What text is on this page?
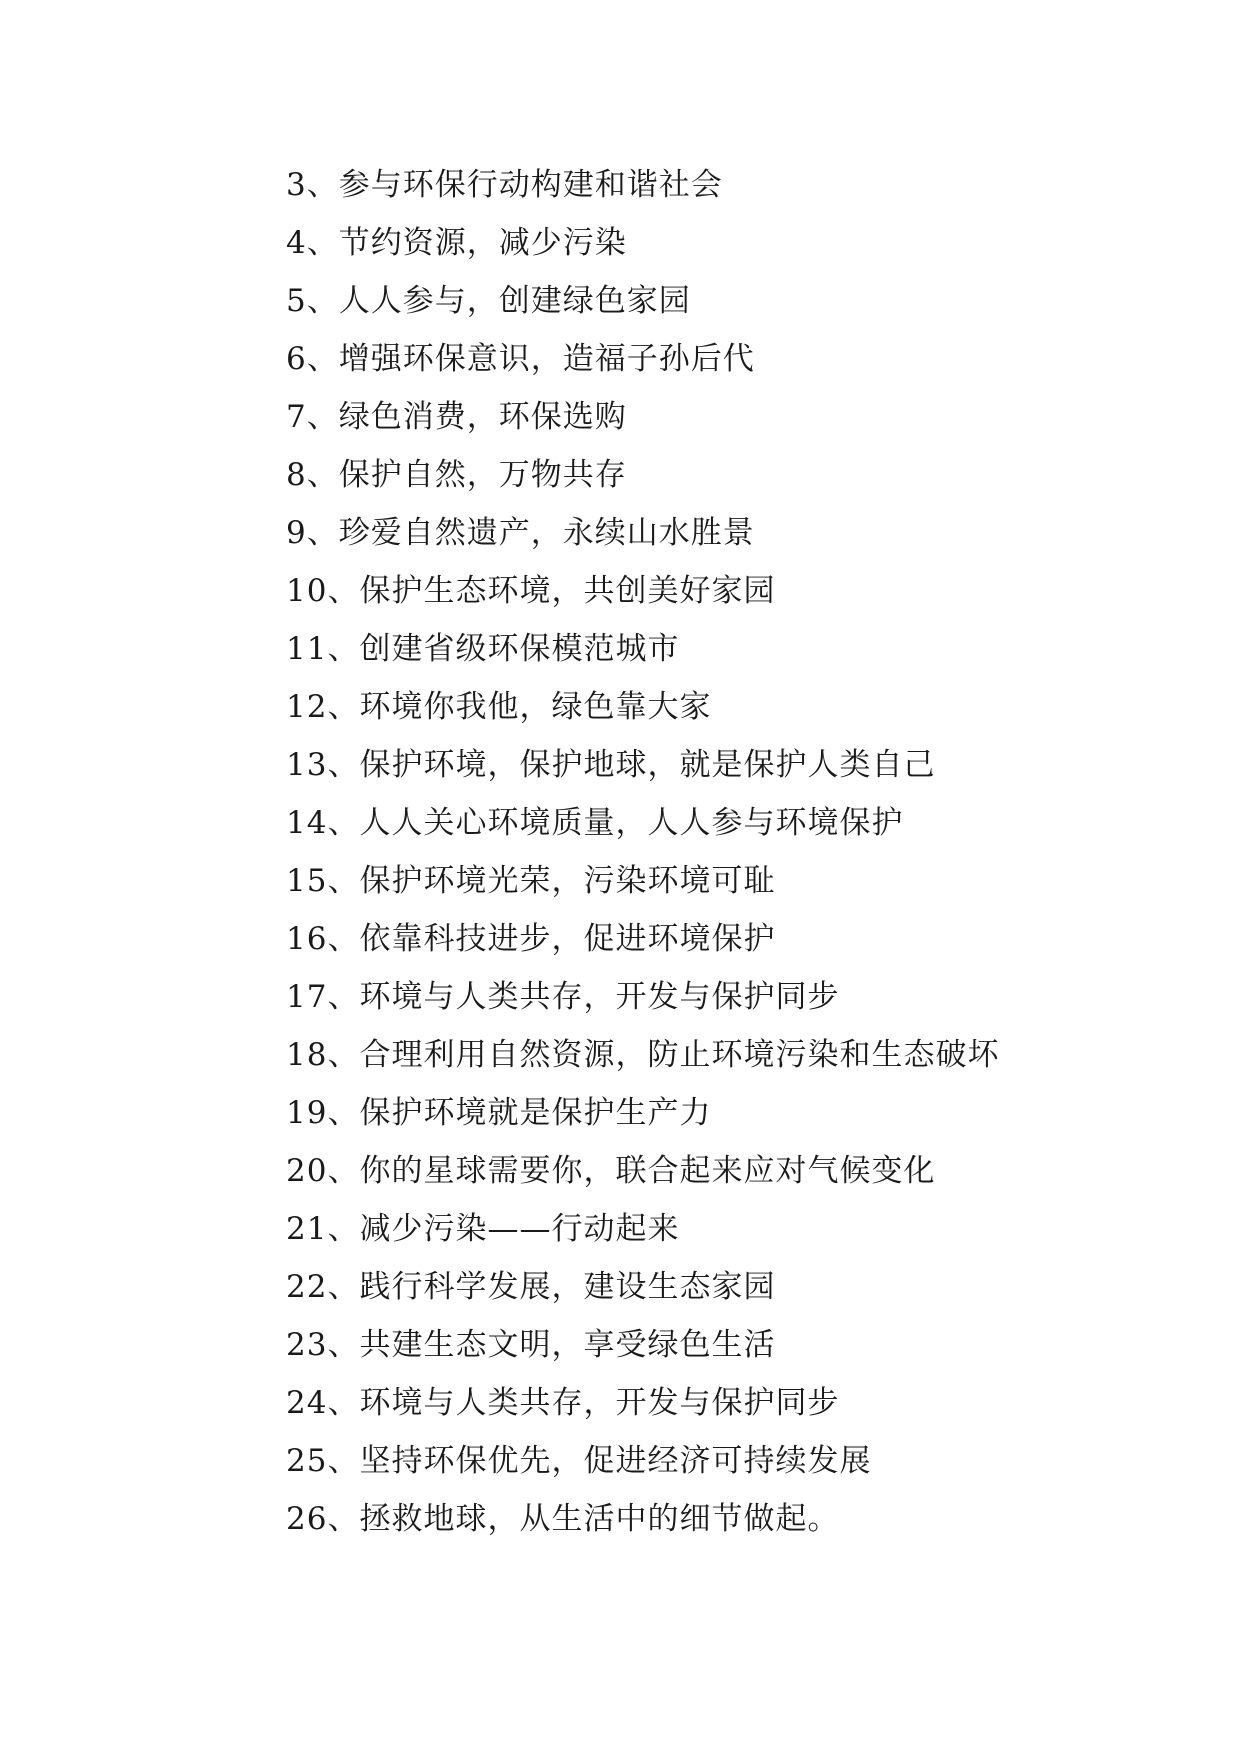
3、参与环保行动构建和谐社会
4、节约资源，减少污染
5、人人参与，创建绿色家园
6、增强环保意识，造福子孙后代
7、绿色消费，环保选购
8、保护自然，万物共存
9、珍爱自然遗产，永续山水胜景
10、保护生态环境，共创美好家园
11、创建省级环保模范城市
12、环境你我他，绿色靠大家
13、保护环境，保护地球，就是保护人类自己
14、人人关心环境质量，人人参与环境保护
15、保护环境光荣，污染环境可耻
16、依靠科技进步，促进环境保护
17、环境与人类共存，开发与保护同步
18、合理利用自然资源，防止环境污染和生态破坏
19、保护环境就是保护生产力
20、你的星球需要你，联合起来应对气候变化
21、减少污染——行动起来
22、践行科学发展，建设生态家园
23、共建生态文明，享受绿色生活
24、环境与人类共存，开发与保护同步
25、坚持环保优先，促进经济可持续发展
26、拯救地球，从生活中的细节做起。
